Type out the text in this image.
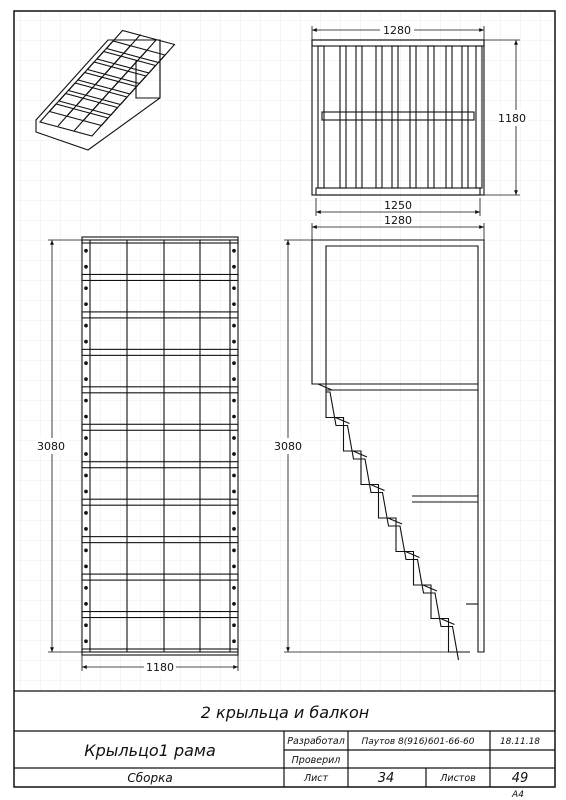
1280
1180
1250
1280
3080	3080
1180
2 крыльца и балкон
Крыльцо1 рама
Сборка
Разработал Паутов 8(916)601-66-60	18.11.18
Проверил
Лист	34	Листов	49
A4
